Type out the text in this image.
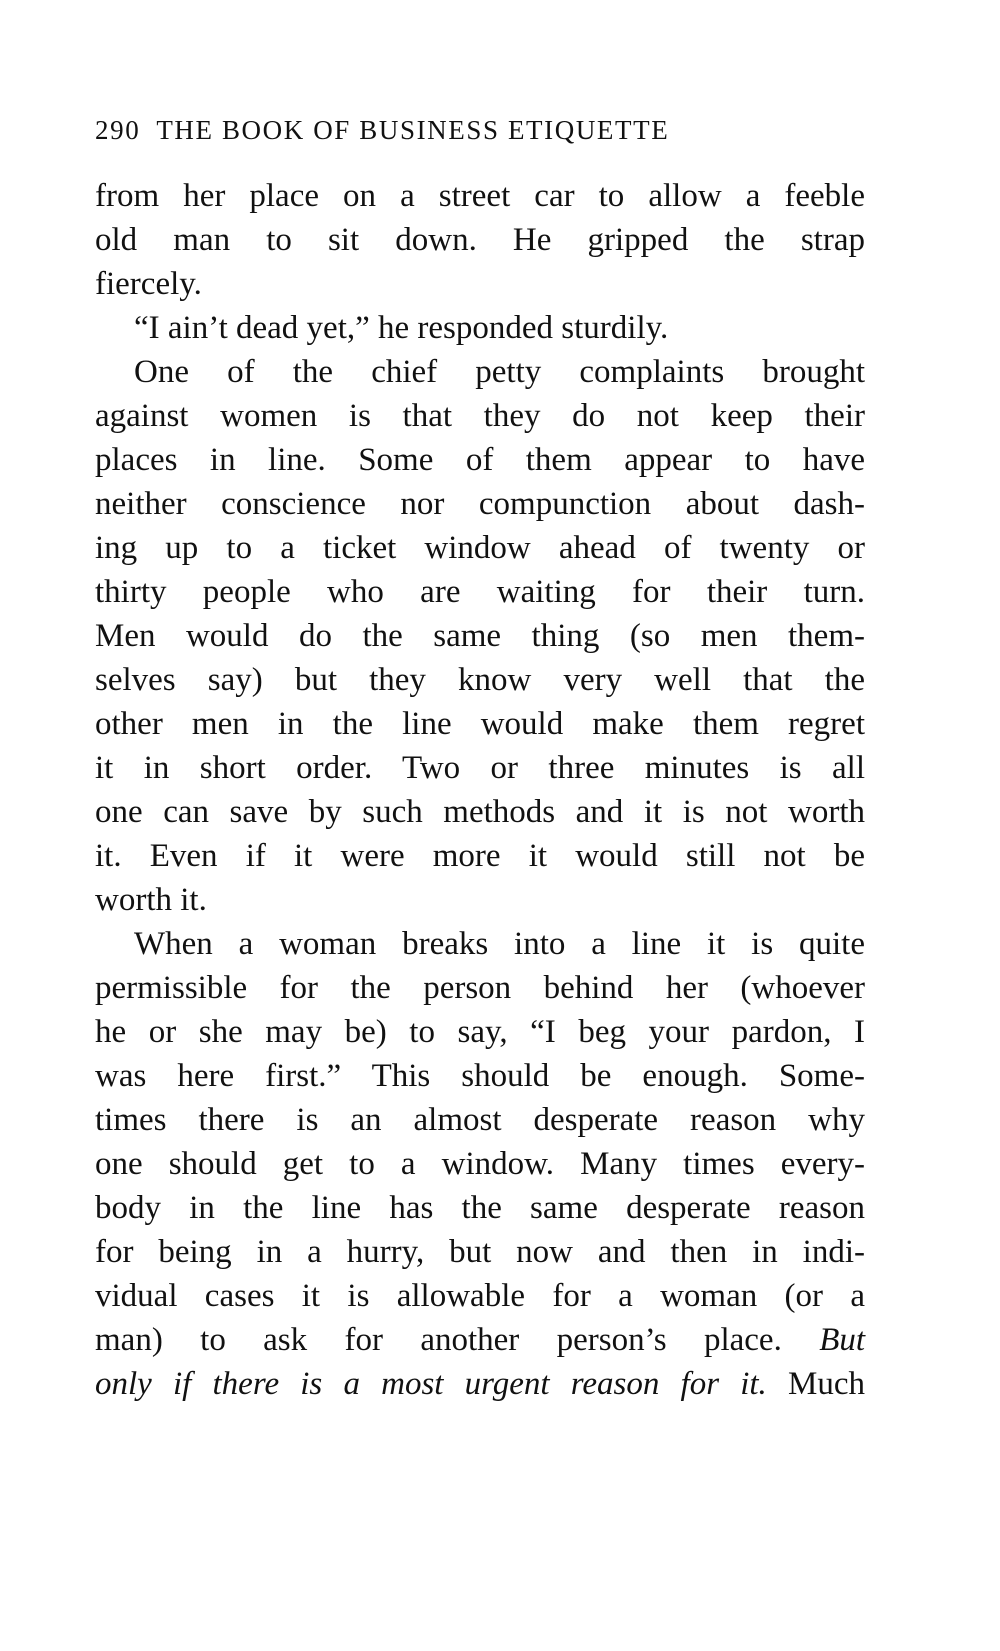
290 THE BOOK OF BUSINESS ETIQUETTE
from her place on a street car to allow a feeble
old man to sit down. He gripped the strap
fiercely.
“I ain’t dead yet,” he responded sturdily.
One of the chief petty complaints brought
against women is that they do not keep their
places in line. Some of them appear to have
neither conscience nor compunction about dash-
ing up to a ticket window ahead of twenty or
thirty people who are waiting for their turn.
Men would do the same thing (so men them-
selves say) but they know very well that the
other men in the line would make them regret
it in short order. Two or three minutes is all
one can save by such methods and it is not worth
it. Even if it were more it would still not be
worth it.
When a woman breaks into a line it is quite
permissible for the person behind her (whoever
he or she may be) to say, “I beg your pardon, I
was here first.” This should be enough. Some-
times there is an almost desperate reason why
one should get to a window. Many times every-
body in the line has the same desperate reason
for being in a hurry, but now and then in indi-
vidual cases it is allowable for a woman (or a
man) to ask for another person’s place. But
only if there is a most urgent reason for it. Much
